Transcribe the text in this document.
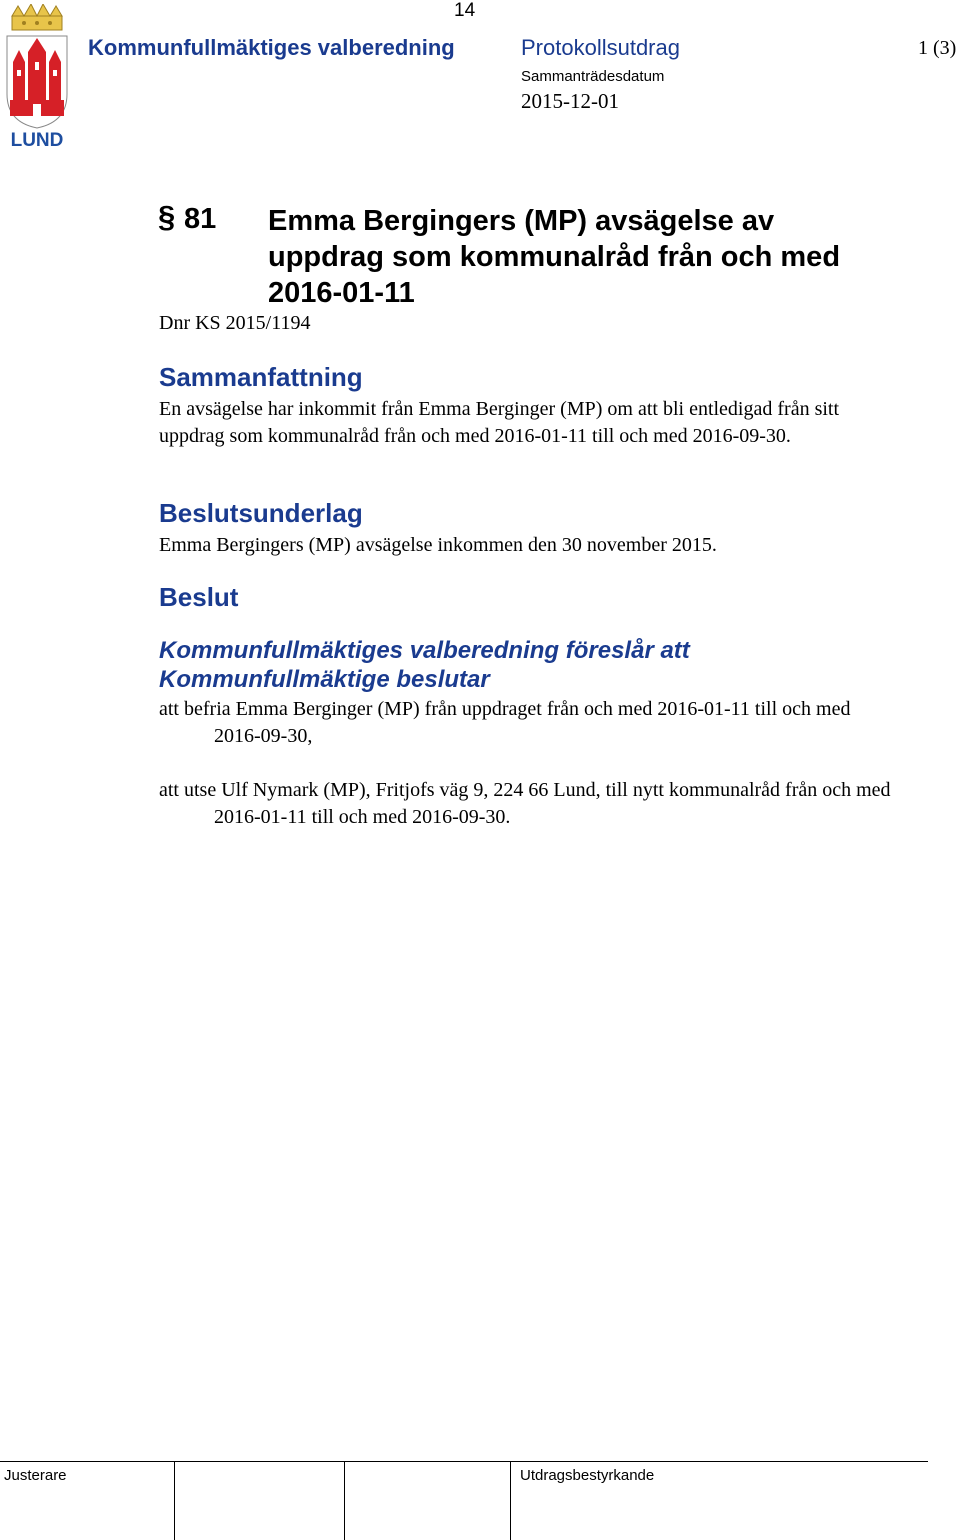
14
LUND
Kommunfullmäktiges valberedning	Protokollsutdrag	1 (3)
Sammanträdesdatum
2015-12-01
§ 81 Emma Bergingers (MP) avsägelse av uppdrag som kommunalråd från och med 2016-01-11
Dnr KS 2015/1194
Sammanfattning
En avsägelse har inkommit från Emma Berginger (MP) om att bli entledigad från sitt uppdrag som kommunalråd från och med 2016-01-11 till och med 2016-09-30.
Beslutsunderlag
Emma Bergingers (MP) avsägelse inkommen den 30 november 2015.
Beslut
Kommunfullmäktiges valberedning föreslår att
Kommunfullmäktige beslutar
att befria Emma Berginger (MP) från uppdraget från och med 2016-01-11 till och med 2016-09-30,
att utse Ulf Nymark (MP), Fritjofs väg 9, 224 66 Lund, till nytt kommunalråd från och med 2016-01-11 till och med 2016-09-30.
Justerare	Utdragsbestyrkande
